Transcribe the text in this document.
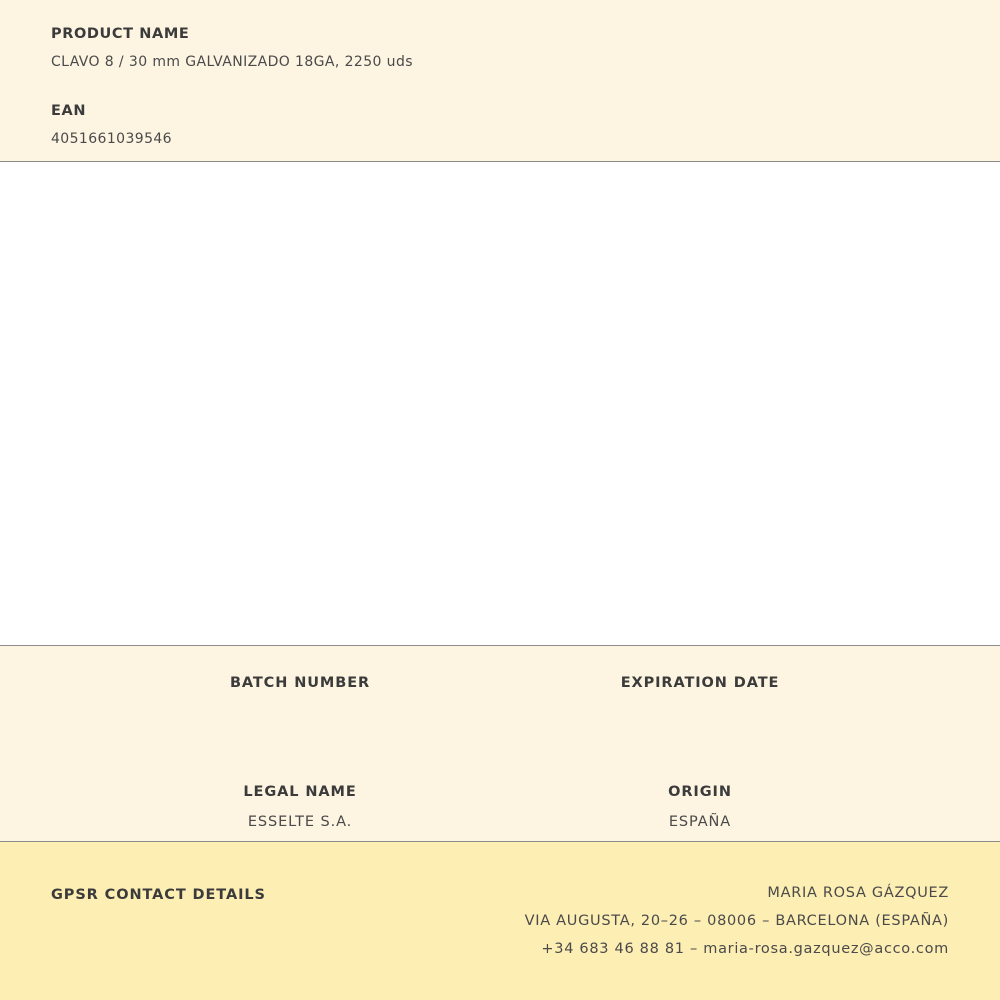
PRODUCT NAME
CLAVO 8 / 30 mm GALVANIZADO 18GA, 2250 uds
EAN
4051661039546
BATCH NUMBER	EXPIRATION DATE
LEGAL NAME
ESSELTE S.A.
ORIGIN
ESPAÑA
GPSR CONTACT DETAILS	MARIA ROSA GÁZQUEZ
VIA AUGUSTA, 20–26 – 08006 – BARCELONA (ESPAÑA)
+34 683 46 88 81 – maria-rosa.gazquez@acco.com
